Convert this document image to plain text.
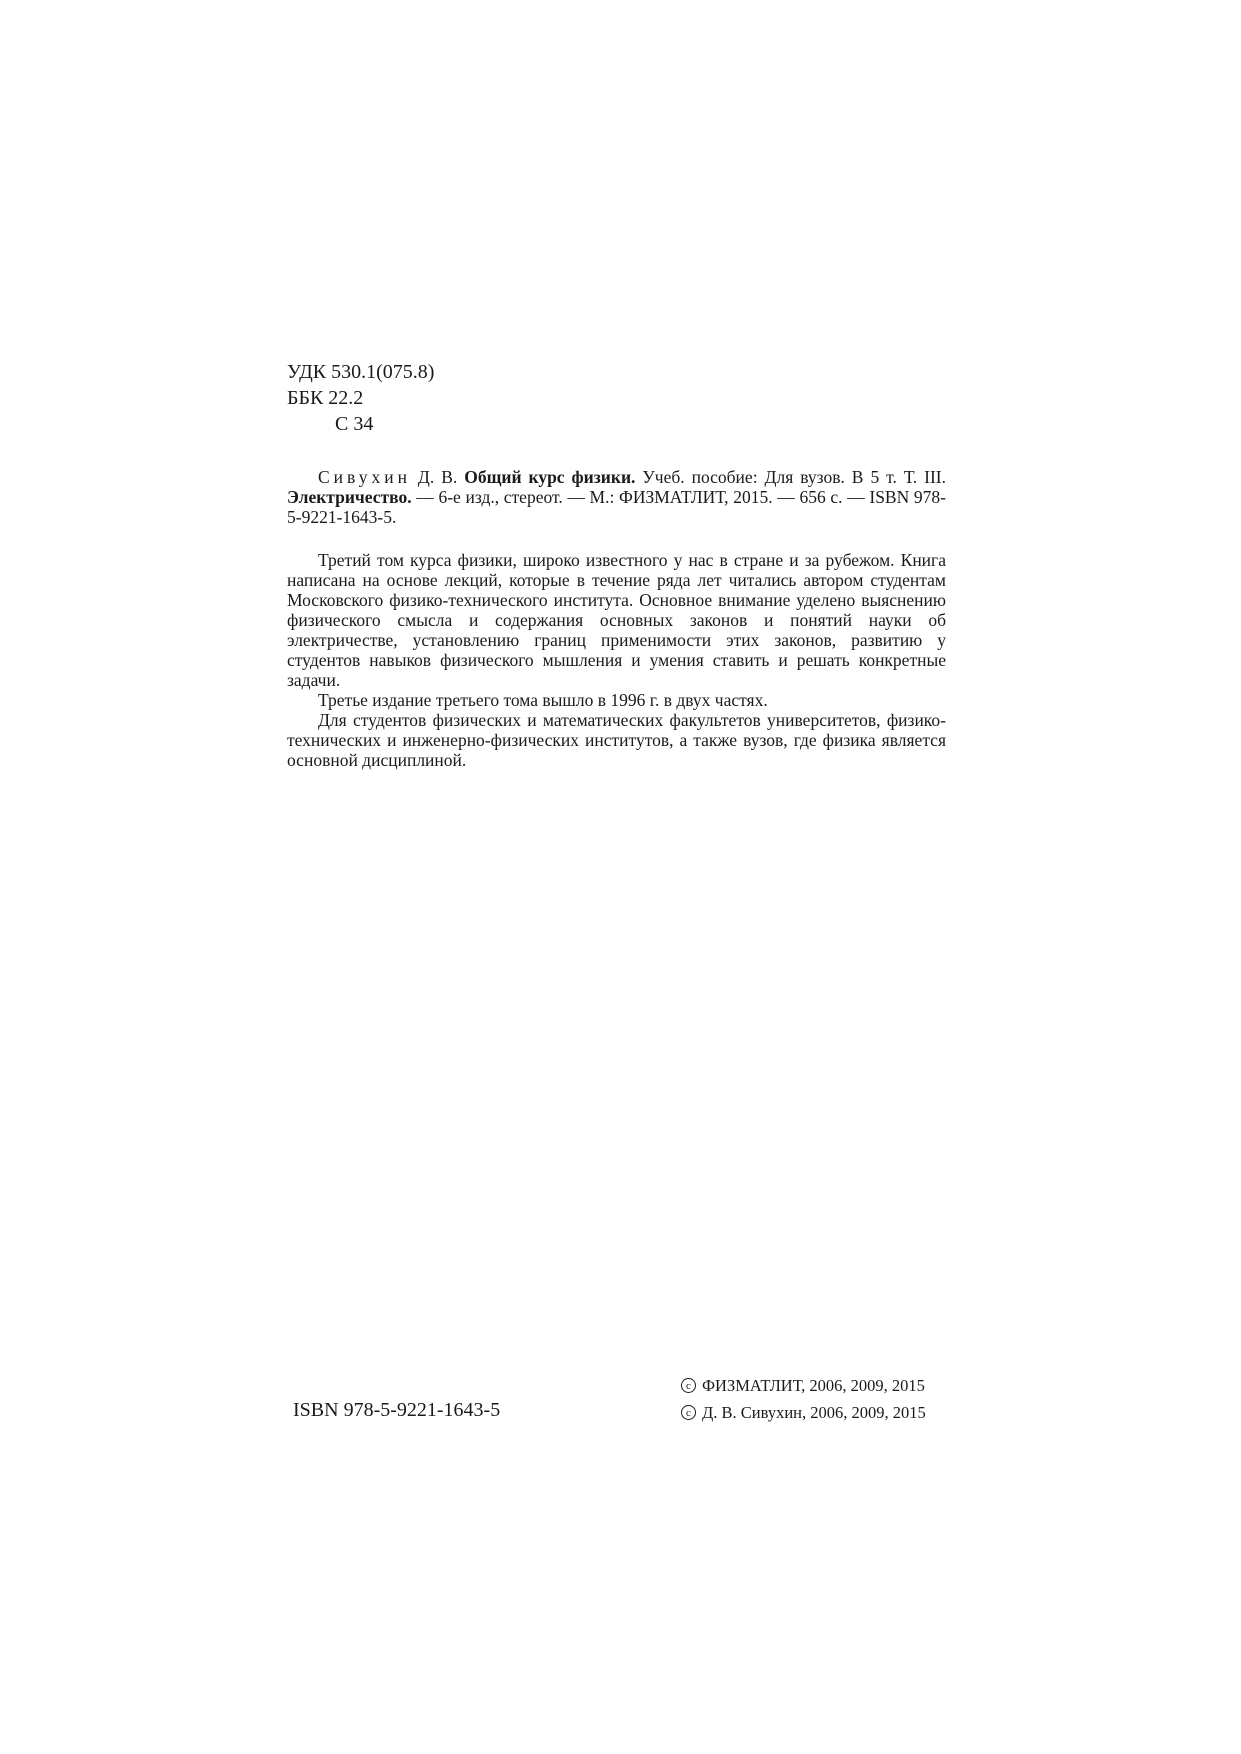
УДК 530.1(075.8)
ББК 22.2
С 34

Сивухин Д. В. Общий курс физики. Учеб. пособие: Для вузов. В 5 т. Т. III. Электричество. — 6-е изд., стереот. — М.: ФИЗМАТЛИТ, 2015. — 656 с. — ISBN 978-5-9221-1643-5.

Третий том курса физики, широко известного у нас в стране и за рубежом. Книга написана на основе лекций, которые в течение ряда лет читались автором студентам Московского физико-технического института. Основное внимание уделено выяснению физического смысла и содержания основных законов и понятий науки об электричестве, установлению границ применимости этих законов, развитию у студентов навыков физического мышления и умения ставить и решать конкретные задачи.

Третье издание третьего тома вышло в 1996 г. в двух частях.

Для студентов физических и математических факультетов университетов, физико-технических и инженерно-физических институтов, а также вузов, где физика является основной дисциплиной.

ISBN 978-5-9221-1643-5
c ФИЗМАТЛИТ, 2006, 2009, 2015
c Д. В. Сивухин, 2006, 2009, 2015
